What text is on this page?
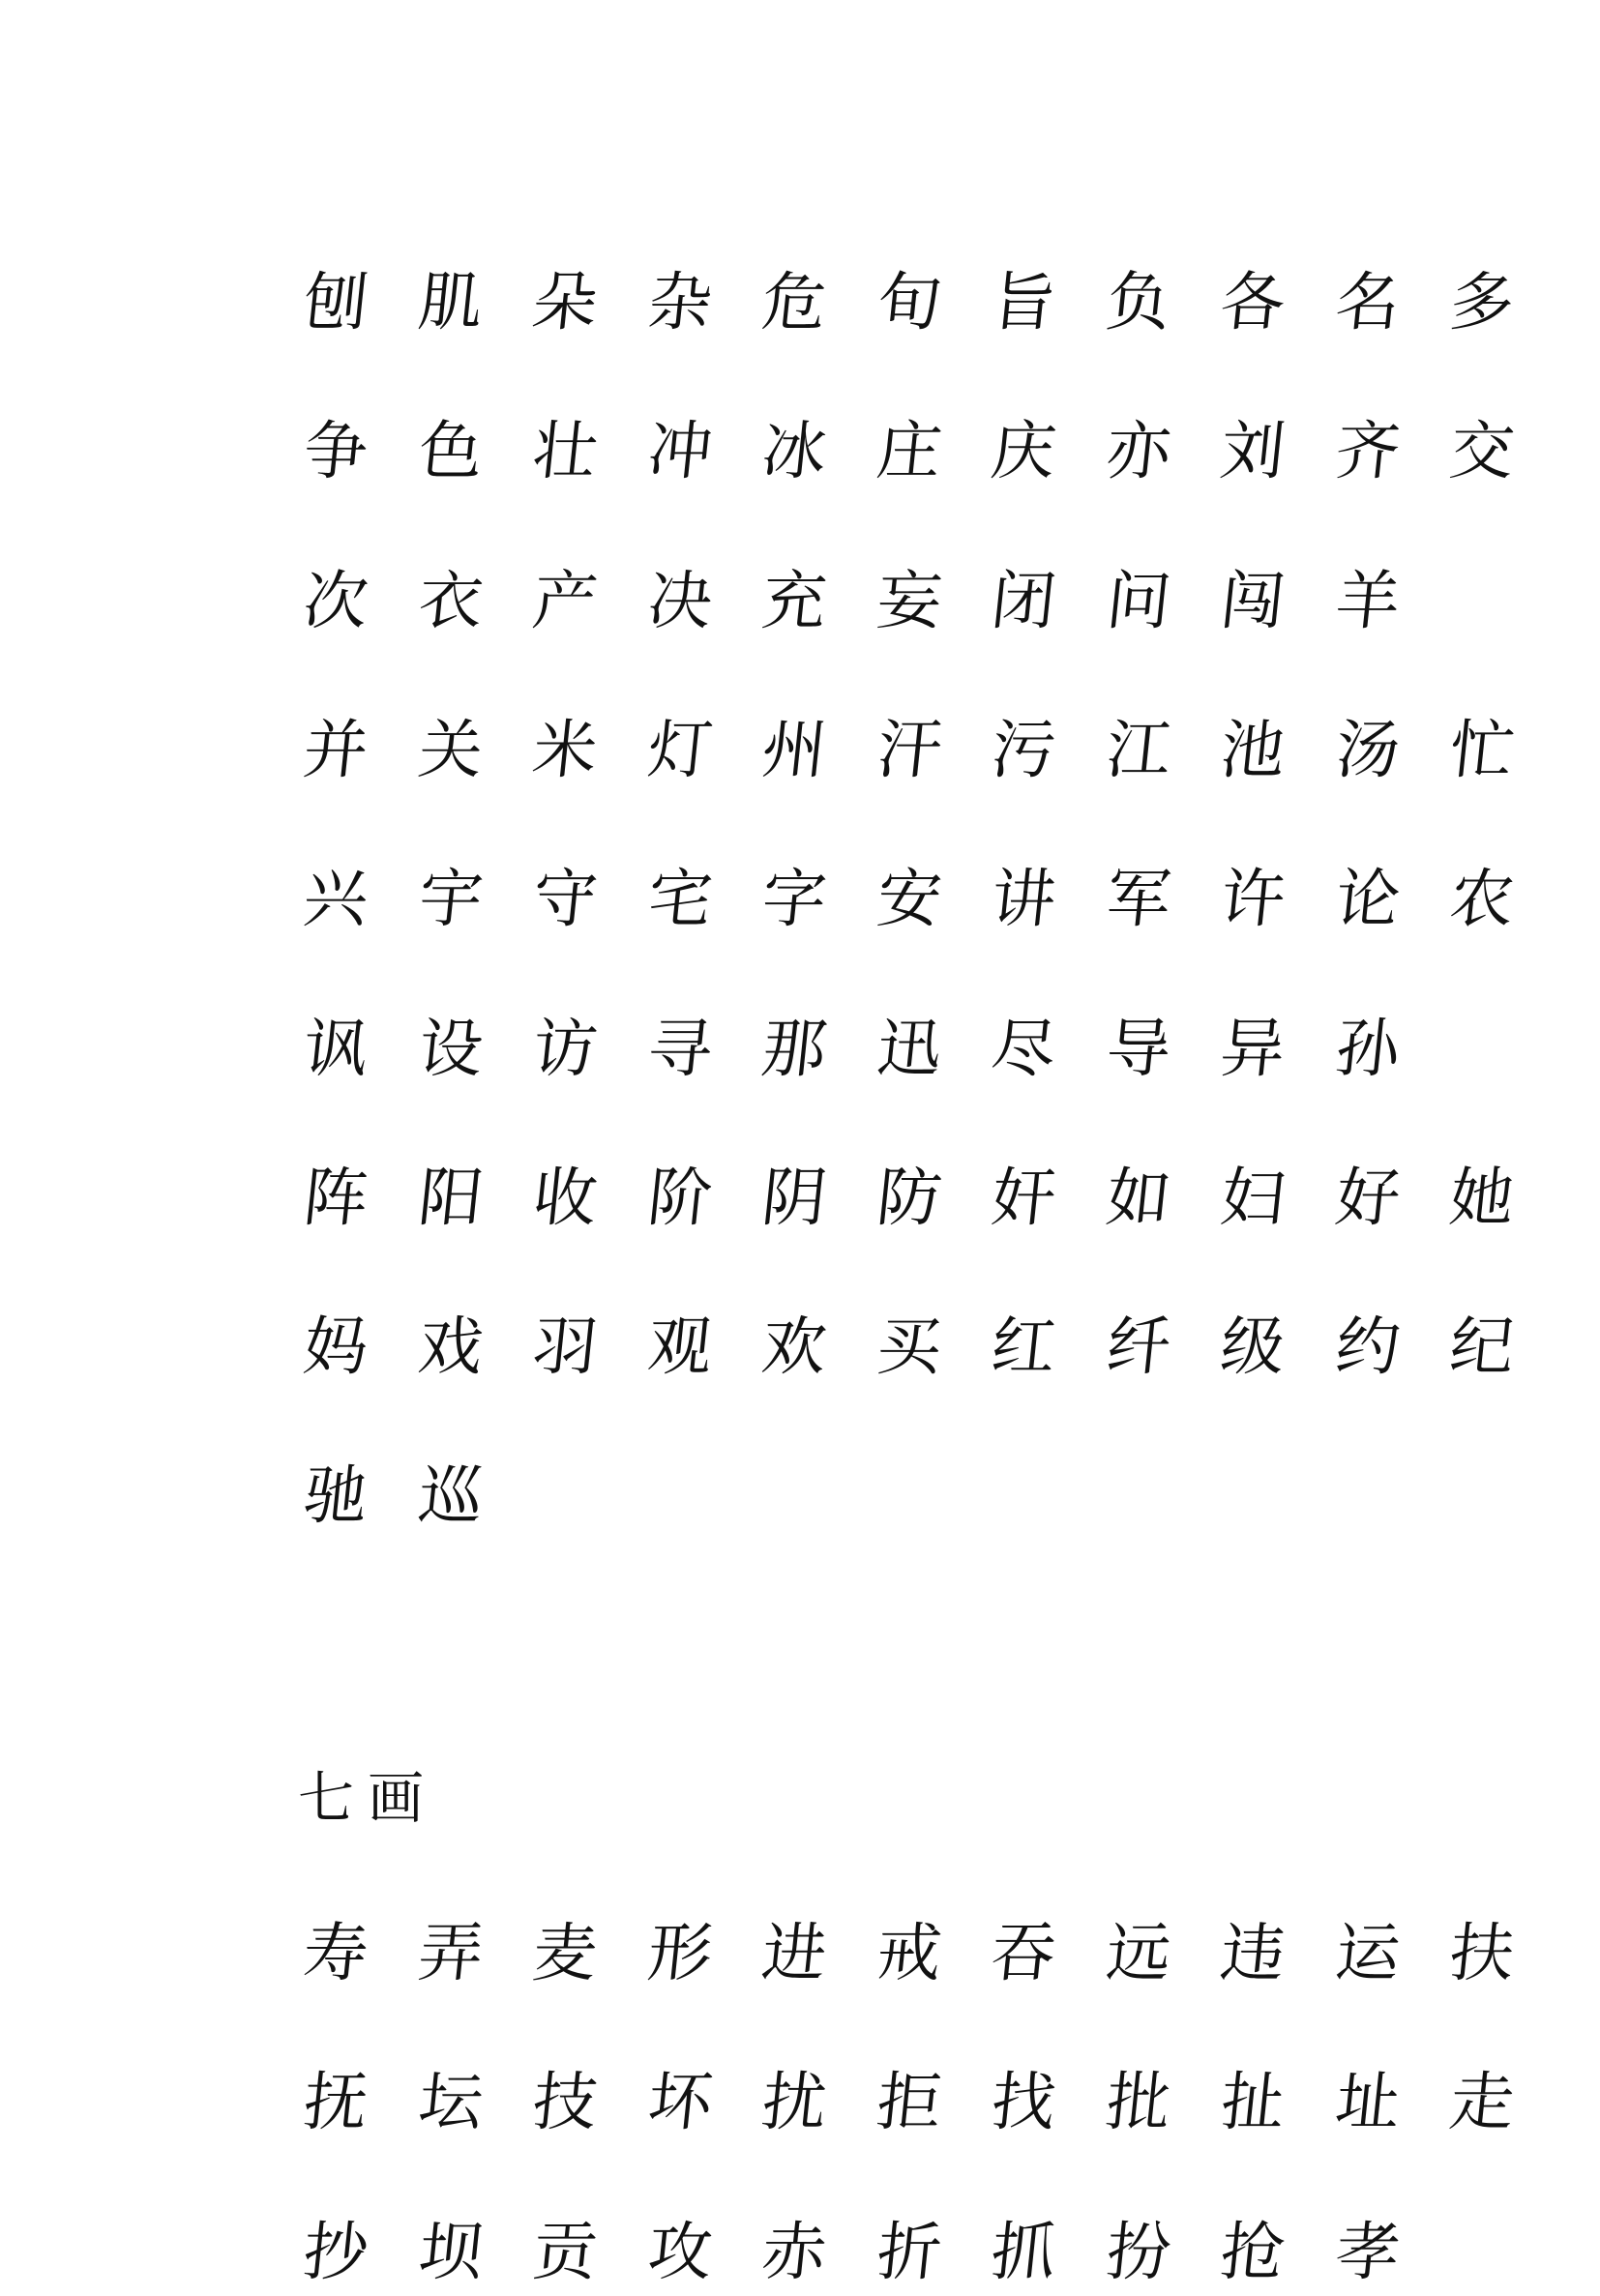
刨 肌 朵 杂 危 旬 旨 负 各 名 多
争 色 壮 冲 冰 庄 庆 亦 刘 齐 交
次 衣 产 决 充 妄 闭 问 闯 羊
并 关 米 灯 州 汗 污 江 池 汤 忙
兴 宇 守 宅 字 安 讲 军 许 论 农
讽 设 访 寻 那 迅 尽 导 异 孙
阵 阳 收 阶 阴 防 奸 如 妇 好 她
妈 戏 羽 观 欢 买 红 纤 级 约 纪
驰 巡
七画
寿 弄 麦 形 进 戒 吞 远 违 运 扶
抚 坛 技 坏 扰 拒 找 批 扯 址 走
抄 坝 贡 攻 赤 折 抓 扮 抢 孝
